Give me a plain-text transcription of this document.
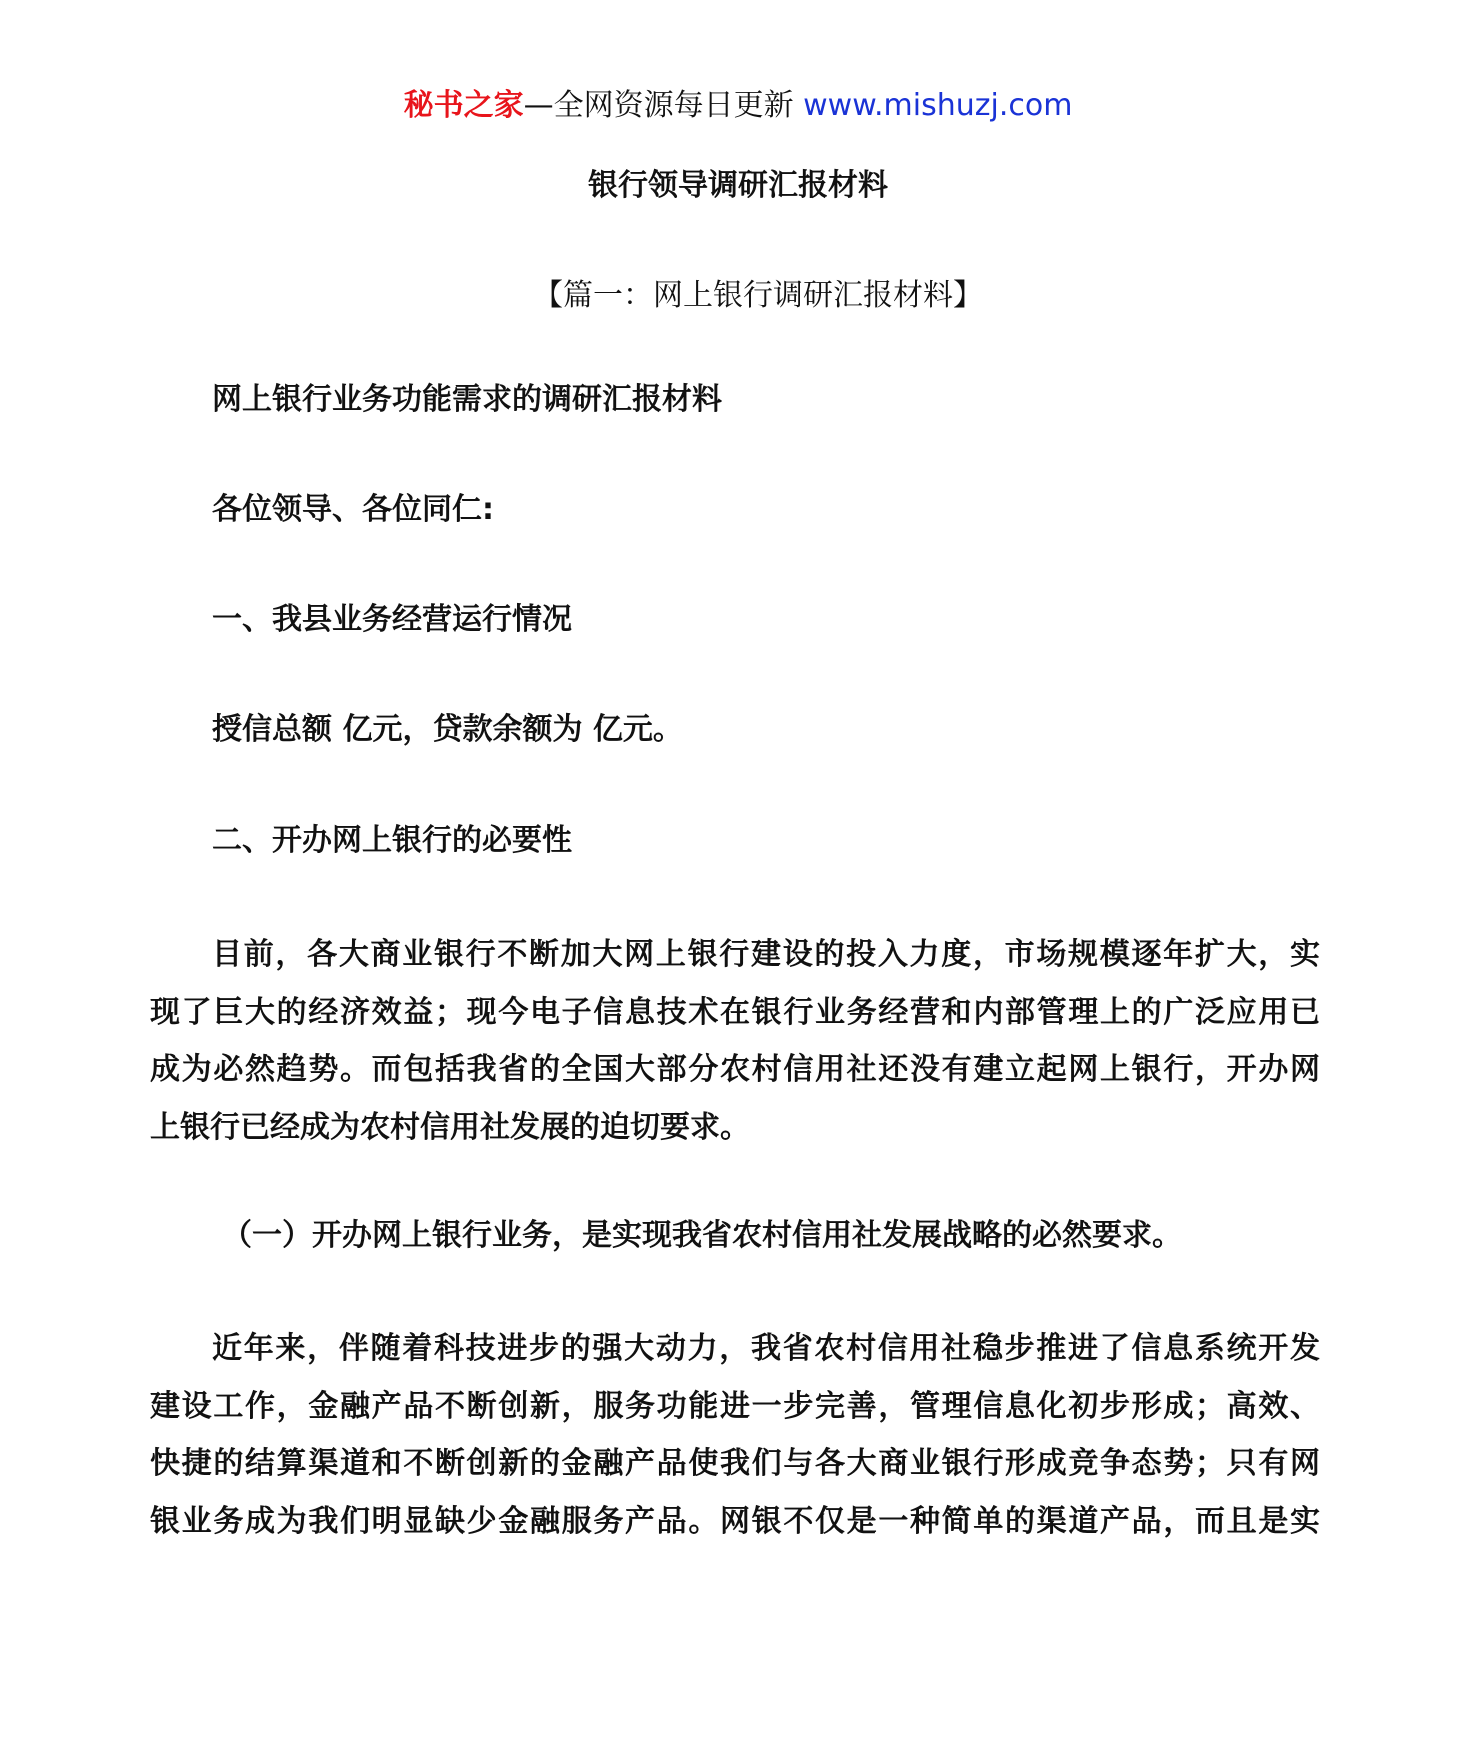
秘书之家—全网资源每日更新 www.mishuzj.com
银行领导调研汇报材料
【篇一：网上银行调研汇报材料】
网上银行业务功能需求的调研汇报材料
各位领导、各位同仁:
一、我县业务经营运行情况
授信总额 亿元，贷款余额为 亿元。
二、开办网上银行的必要性
目前，各大商业银行不断加大网上银行建设的投入力度，市场规模逐年扩大，实
现了巨大的经济效益；现今电子信息技术在银行业务经营和内部管理上的广泛应用已
成为必然趋势。而包括我省的全国大部分农村信用社还没有建立起网上银行，开办网
上银行已经成为农村信用社发展的迫切要求。
（一）开办网上银行业务，是实现我省农村信用社发展战略的必然要求。
近年来，伴随着科技进步的强大动力，我省农村信用社稳步推进了信息系统开发
建设工作，金融产品不断创新，服务功能进一步完善，管理信息化初步形成；高效、
快捷的结算渠道和不断创新的金融产品使我们与各大商业银行形成竞争态势；只有网
银业务成为我们明显缺少金融服务产品。网银不仅是一种简单的渠道产品，而且是实
